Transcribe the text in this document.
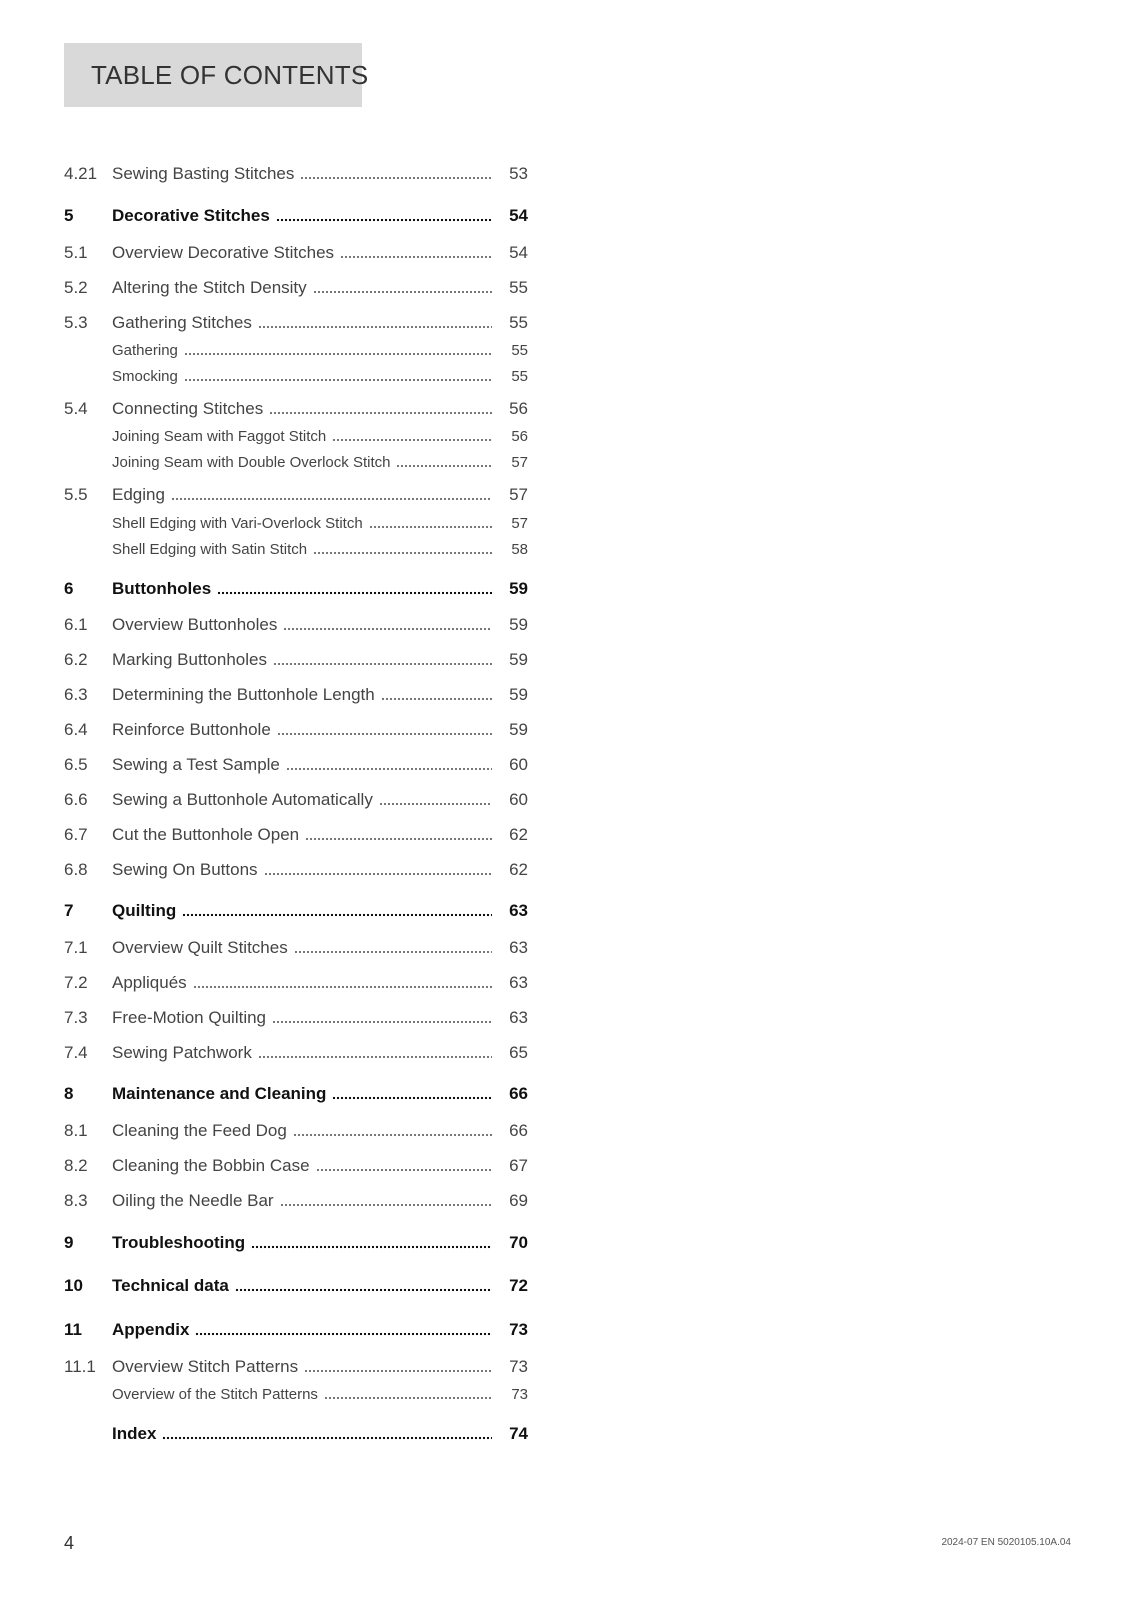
TABLE OF CONTENTS
4.21 Sewing Basting Stitches	53
5	Decorative Stitches	54
5.1	Overview Decorative Stitches	54
5.2	Altering the Stitch Density	55
5.3	Gathering Stitches	55
Gathering	55
Smocking	55
5.4	Connecting Stitches	56
Joining Seam with Faggot Stitch	56
Joining Seam with Double Overlock Stitch	57
5.5	Edging	57
Shell Edging with Vari-Overlock Stitch	57
Shell Edging with Satin Stitch	58
6	Buttonholes	59
6.1	Overview Buttonholes	59
6.2	Marking Buttonholes	59
6.3	Determining the Buttonhole Length	59
6.4	Reinforce Buttonhole	59
6.5	Sewing a Test Sample	60
6.6	Sewing a Buttonhole Automatically	60
6.7	Cut the Buttonhole Open	62
6.8	Sewing On Buttons	62
7	Quilting	63
7.1	Overview Quilt Stitches	63
7.2	Appliqués	63
7.3	Free-Motion Quilting	63
7.4	Sewing Patchwork	65
8	Maintenance and Cleaning	66
8.1	Cleaning the Feed Dog	66
8.2	Cleaning the Bobbin Case	67
8.3	Oiling the Needle Bar	69
9	Troubleshooting	70
10	Technical data	72
11	Appendix	73
11.1 Overview Stitch Patterns	73
Overview of the Stitch Patterns	73
Index	74
4	2024-07 EN 5020105.10A.04
